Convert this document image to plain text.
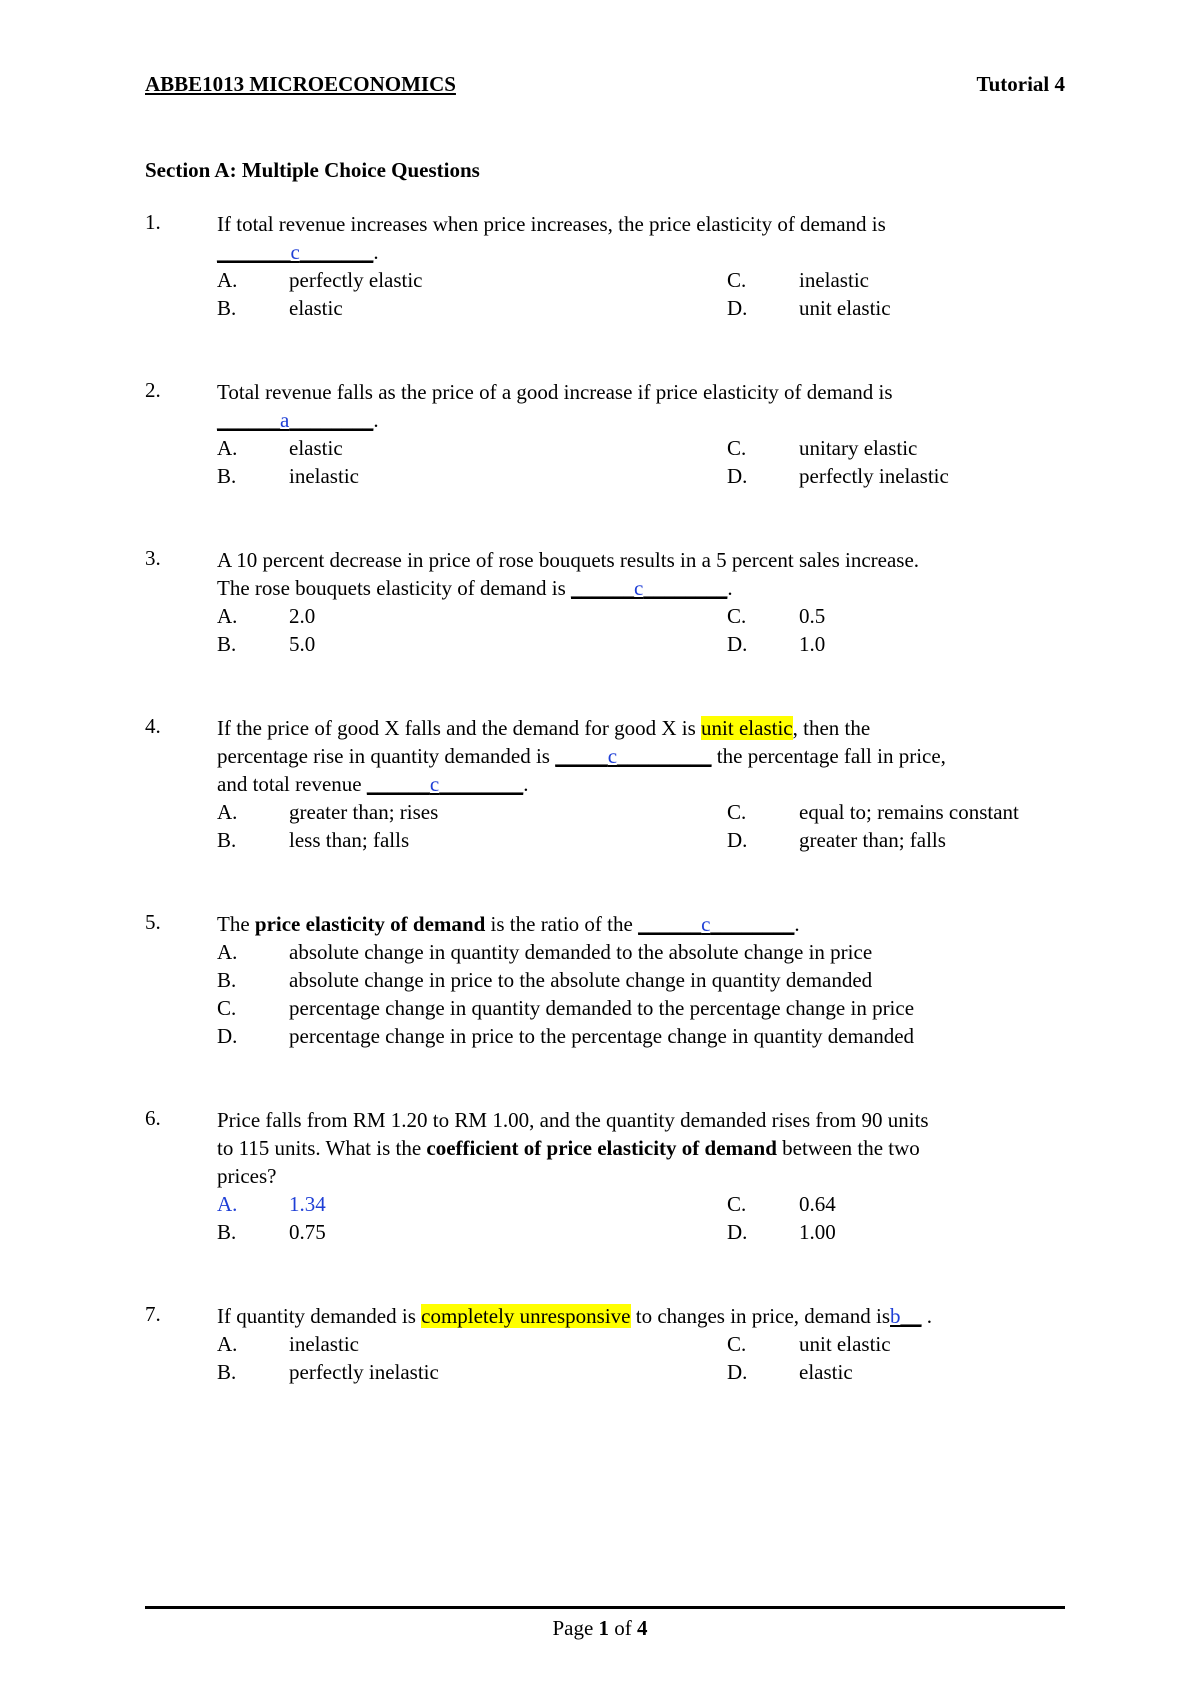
ABBE1013 MICROECONOMICS	Tutorial 4
Section A: Multiple Choice Questions
1.	If total revenue increases when price increases, the price elasticity of demand is
_______c_______.
A. perfectly elastic	C.	inelastic
B.	elastic	D. unit elastic
2.	Total revenue falls as the price of a good increase if price elasticity of demand is
______a________.
A. elastic	C.	unitary elastic
B.	inelastic	D. perfectly inelastic
3.	A 10 percent decrease in price of rose bouquets results in a 5 percent sales increase.
The rose bouquets elasticity of demand is ______c________.
A. 2.0	C.	0.5
B.	5.0	D. 1.0
4.	If the price of good X falls and the demand for good X is unit elastic, then the
percentage rise in quantity demanded is _____c_________ the percentage fall in price,
and total revenue ______c________.
A. greater than; rises	C.	equal to; remains constant
B.	less than; falls	D. greater than; falls
5.	The price elasticity of demand is the ratio of the ______c________.
A. absolute change in quantity demanded to the absolute change in price
B.	absolute change in price to the absolute change in quantity demanded
C.	percentage change in quantity demanded to the percentage change in price
D. percentage change in price to the percentage change in quantity demanded
6.	Price falls from RM 1.20 to RM 1.00, and the quantity demanded rises from 90 units
to 115 units. What is the coefficient of price elasticity of demand between the two
prices?
A. 1.34	C.	0.64
B.	0.75	D. 1.00
7.	If quantity demanded is completely unresponsive to changes in price, demand isb__ .
A. inelastic	C.	unit elastic
B.	perfectly inelastic	D. elastic
Page 1 of 4
